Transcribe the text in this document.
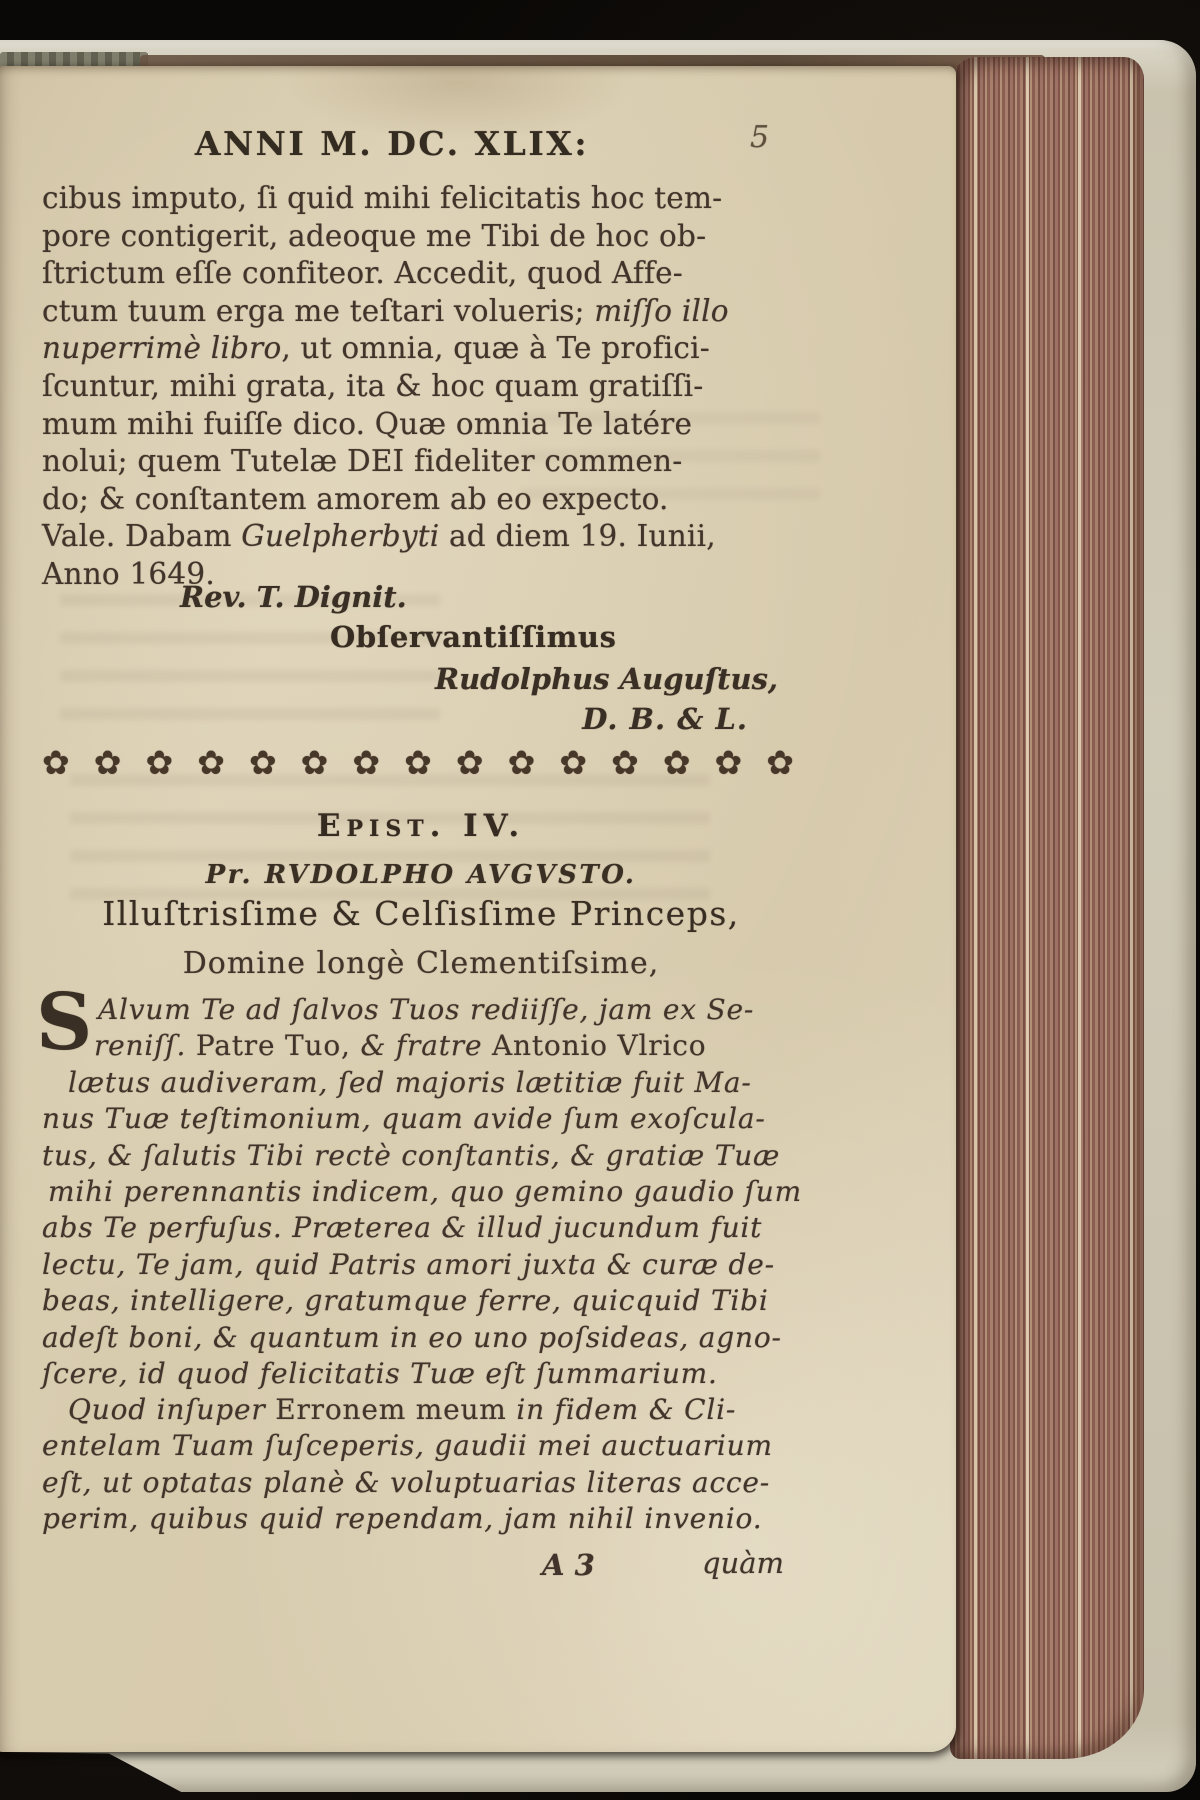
ANNI M. DC. XLIX:	5
cibus imputo, ſi quid mihi felicitatis hoc tem-
pore contigerit, adeoque me Tibi de hoc ob-
ſtrictum eſſe confiteor. Accedit, quod Affe-
ctum tuum erga me teſtari volueris; miſſo illo
nuperrimè libro, ut omnia, quæ à Te profici-
ſcuntur, mihi grata, ita & hoc quam gratiſſi-
mum mihi fuiſſe dico. Quæ omnia Te latére
nolui; quem Tutelæ DEI fideliter commen-
do; & conſtantem amorem ab eo expecto.
Vale. Dabam Guelpherbyti ad diem 19. Iunii,
Anno 1649.
Rev. T. Dignit.
Obſervantiſſimus
Rudolphus Auguſtus,
D. B. & L.
✿ ✿ ✿ ✿ ✿ ✿ ✿ ✿ ✿ ✿ ✿ ✿ ✿ ✿ ✿
Epist. IV.
Pr. RVDOLPHO AVGVSTO.
Illuſtrisſime & Celſisſime Princeps,
Domine longè Clementiſsime,
S Alvum Te ad ſalvos Tuos rediiſſe, jam ex Se-
reniſſ. Patre Tuo, & fratre Antonio Vlrico
lætus audiveram, ſed majoris lætitiæ fuit Ma-
nus Tuæ teſtimonium, quam avide ſum exoſcula-
tus, & ſalutis Tibi rectè conſtantis, & gratiæ Tuæ
mihi perennantis indicem, quo gemino gaudio ſum
abs Te perfuſus. Præterea & illud jucundum fuit
lectu, Te jam, quid Patris amori juxta & curæ de-
beas, intelligere, gratumque ferre, quicquid Tibi
adeſt boni, & quantum in eo uno poſsideas, agno-
ſcere, id quod felicitatis Tuæ eſt ſummarium.
Quod inſuper Erronem meum in fidem & Cli-
entelam Tuam ſuſceperis, gaudii mei auctuarium
eſt, ut optatas planè & voluptuarias literas acce-
perim, quibus quid rependam, jam nihil invenio.
A 3	quàm
